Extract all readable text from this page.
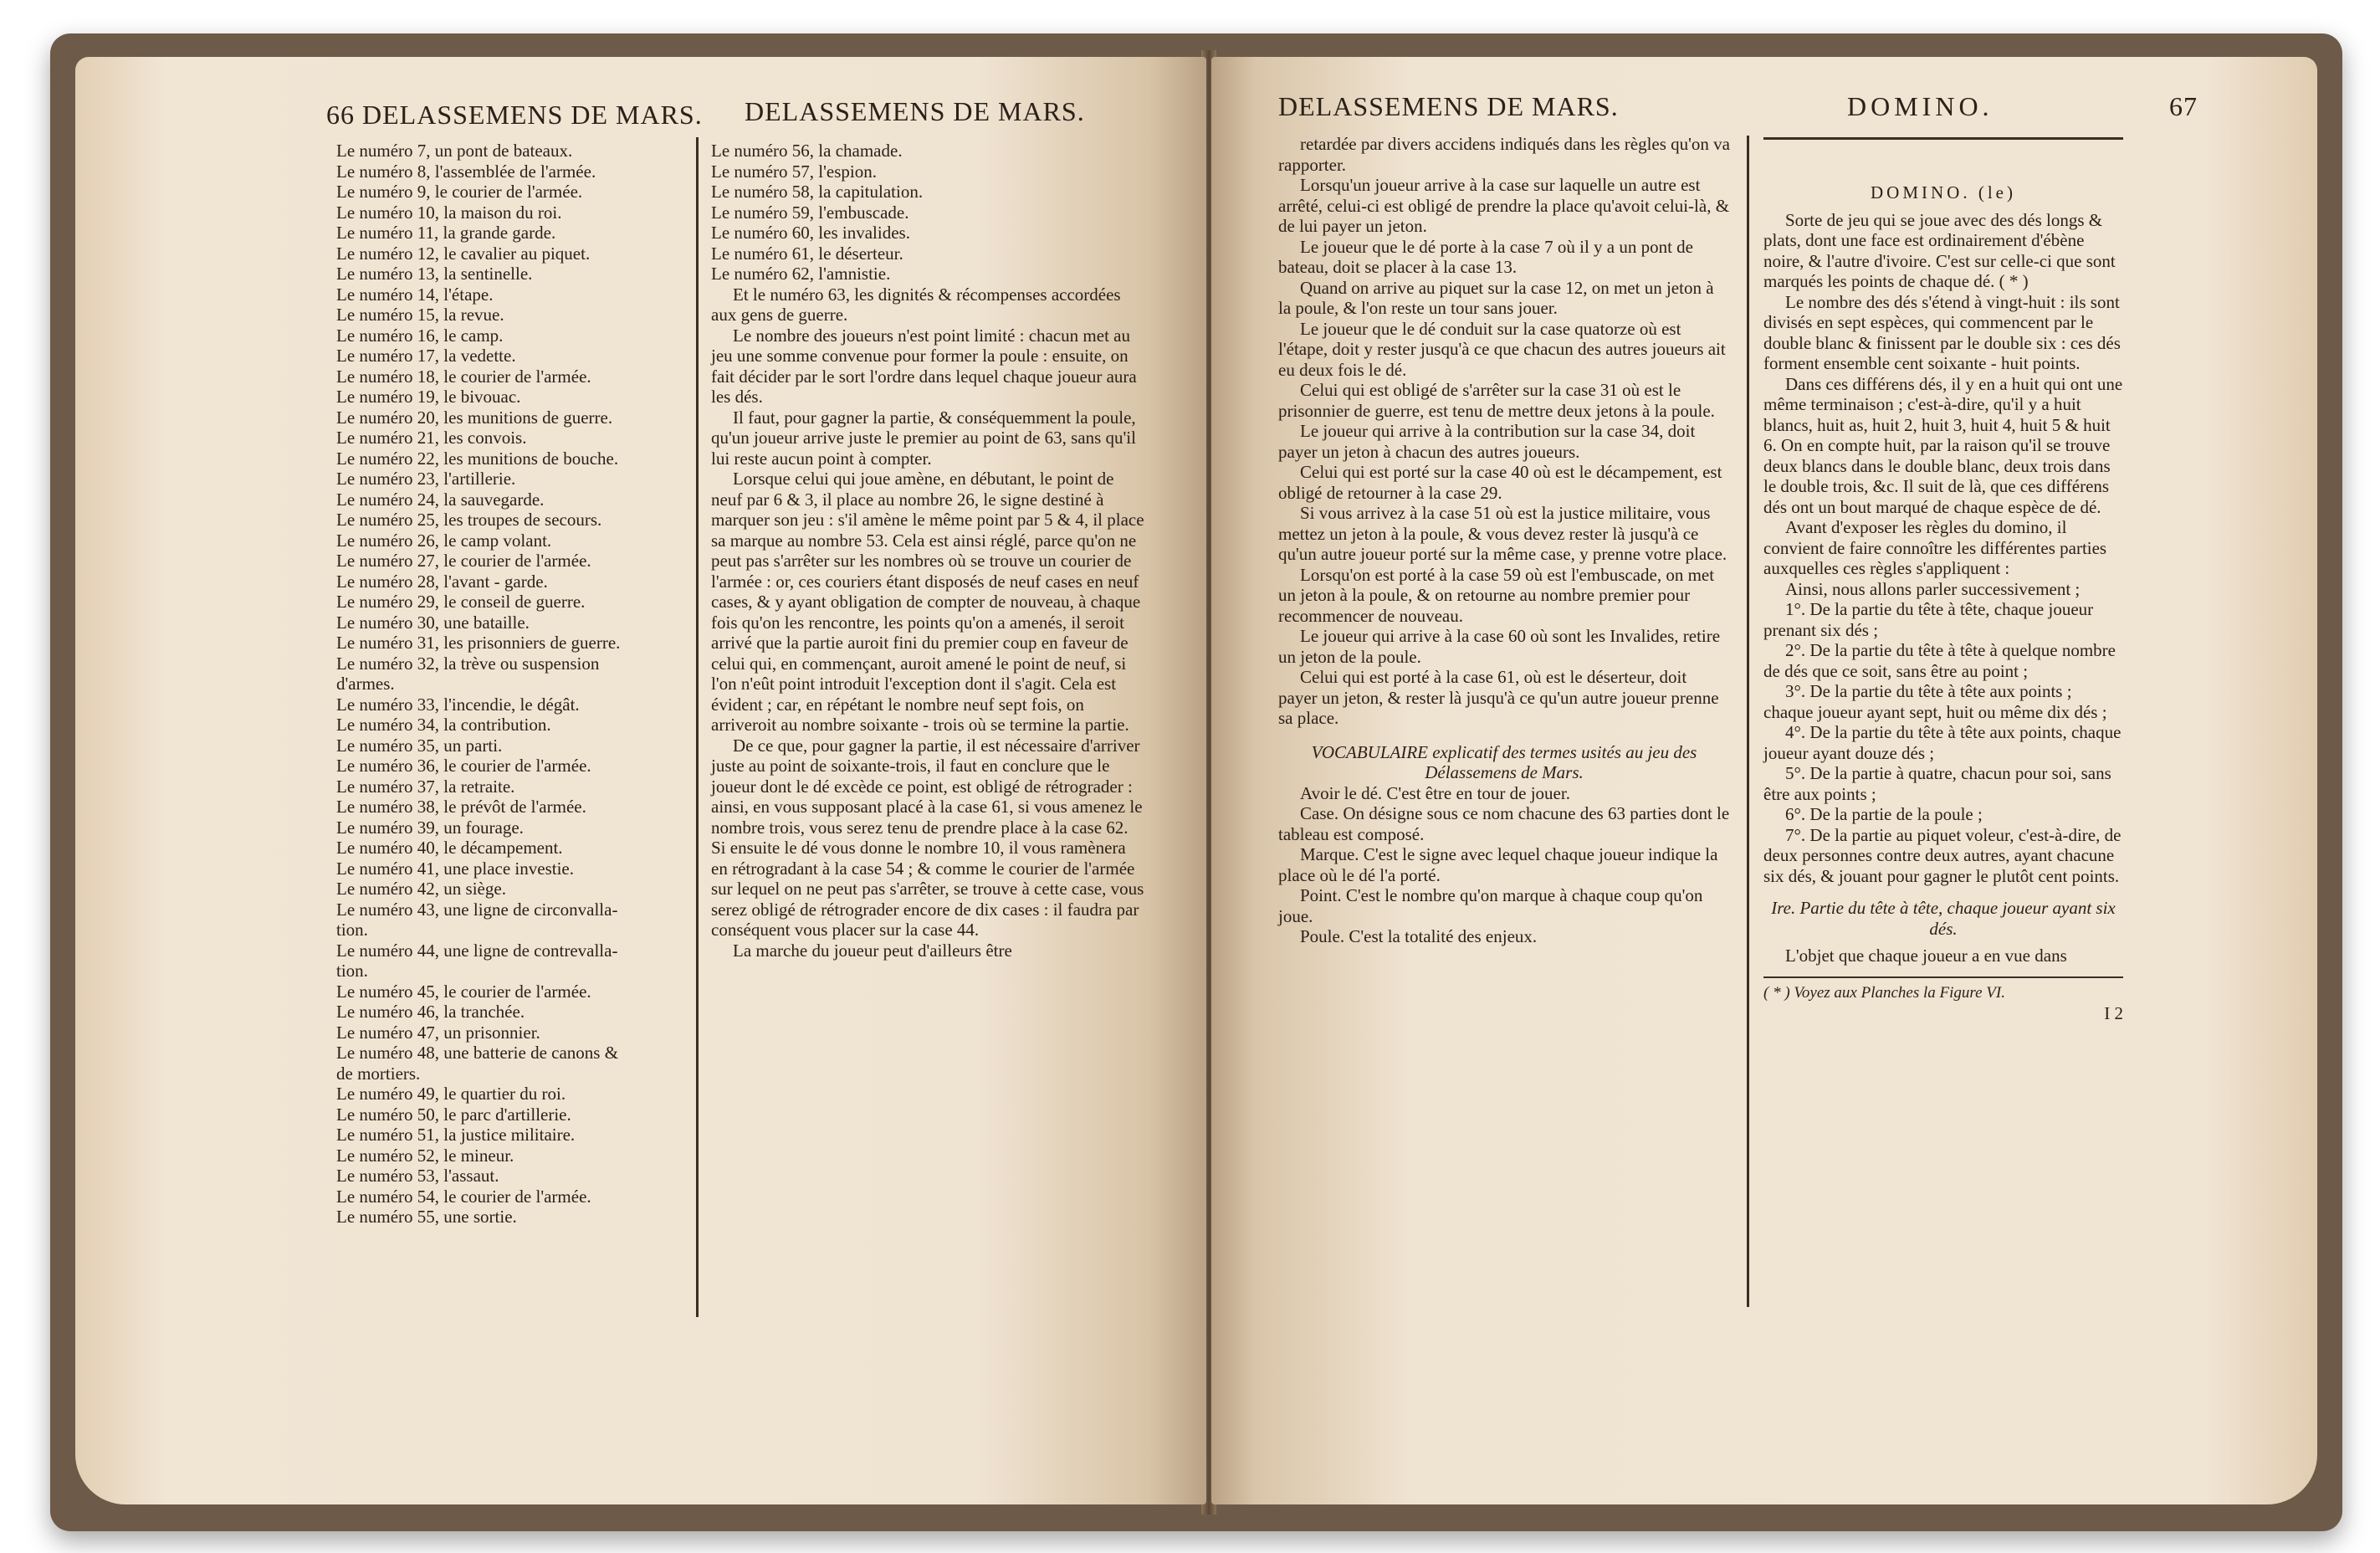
66 DELASSEMENS DE MARS.	DELASSEMENS DE MARS.

Le numéro 7, un pont de bateaux.

Le numéro 8, l'assemblée de l'armée.

Le numéro 9, le courier de l'armée.

Le numéro 10, la maison du roi.

Le numéro 11, la grande garde.

Le numéro 12, le cavalier au piquet.

Le numéro 13, la sentinelle.

Le numéro 14, l'étape.

Le numéro 15, la revue.

Le numéro 16, le camp.

Le numéro 17, la vedette.

Le numéro 18, le courier de l'armée.

Le numéro 19, le bivouac.

Le numéro 20, les munitions de guerre.

Le numéro 21, les convois.

Le numéro 22, les munitions de bouche.

Le numéro 23, l'artillerie.

Le numéro 24, la sauvegarde.

Le numéro 25, les troupes de secours.

Le numéro 26, le camp volant.

Le numéro 27, le courier de l'armée.

Le numéro 28, l'avant - garde.

Le numéro 29, le conseil de guerre.

Le numéro 30, une bataille.

Le numéro 31, les prisonniers de guerre.

Le numéro 32, la trève ou suspension

d'armes.

Le numéro 33, l'incendie, le dégât.

Le numéro 34, la contribution.

Le numéro 35, un parti.

Le numéro 36, le courier de l'armée.

Le numéro 37, la retraite.

Le numéro 38, le prévôt de l'armée.

Le numéro 39, un fourage.

Le numéro 40, le décampement.

Le numéro 41, une place investie.

Le numéro 42, un siège.

Le numéro 43, une ligne de circonvalla-

tion.

Le numéro 44, une ligne de contrevalla-

tion.

Le numéro 45, le courier de l'armée.

Le numéro 46, la tranchée.

Le numéro 47, un prisonnier.

Le numéro 48, une batterie de canons &

de mortiers.

Le numéro 49, le quartier du roi.

Le numéro 50, le parc d'artillerie.

Le numéro 51, la justice militaire.

Le numéro 52, le mineur.

Le numéro 53, l'assaut.

Le numéro 54, le courier de l'armée.

Le numéro 55, une sortie.

Le numéro 56, la chamade.

Le numéro 57, l'espion.

Le numéro 58, la capitulation.

Le numéro 59, l'embuscade.

Le numéro 60, les invalides.

Le numéro 61, le déserteur.

Le numéro 62, l'amnistie.

Et le numéro 63, les dignités & récompenses accordées aux gens de guerre.

Le nombre des joueurs n'est point limité : chacun met au jeu une somme convenue pour former la poule : ensuite, on fait décider par le sort l'ordre dans lequel chaque joueur aura les dés.

Il faut, pour gagner la partie, & conséquemment la poule, qu'un joueur arrive juste le premier au point de 63, sans qu'il lui reste aucun point à compter.

Lorsque celui qui joue amène, en débutant, le point de neuf par 6 & 3, il place au nombre 26, le signe destiné à marquer son jeu : s'il amène le même point par 5 & 4, il place sa marque au nombre 53. Cela est ainsi réglé, parce qu'on ne peut pas s'arrêter sur les nombres où se trouve un courier de l'armée : or, ces couriers étant disposés de neuf cases en neuf cases, & y ayant obligation de compter de nouveau, à chaque fois qu'on les rencontre, les points qu'on a amenés, il seroit arrivé que la partie auroit fini du premier coup en faveur de celui qui, en commençant, auroit amené le point de neuf, si l'on n'eût point introduit l'exception dont il s'agit. Cela est évident ; car, en répétant le nombre neuf sept fois, on arriveroit au nombre soixante - trois où se termine la partie.

De ce que, pour gagner la partie, il est nécessaire d'arriver juste au point de soixante-trois, il faut en conclure que le joueur dont le dé excède ce point, est obligé de rétrograder : ainsi, en vous supposant placé à la case 61, si vous amenez le nombre trois, vous serez tenu de prendre place à la case 62. Si ensuite le dé vous donne le nombre 10, il vous ramènera en rétrogradant à la case 54 ; & comme le courier de l'armée sur lequel on ne peut pas s'arrêter, se trouve à cette case, vous serez obligé de rétrograder encore de dix cases : il faudra par conséquent vous placer sur la case 44.

La marche du joueur peut d'ailleurs être

DELASSEMENS DE MARS.	DOMINO.	67

retardée par divers accidens indiqués dans les règles qu'on va rapporter.

Lorsqu'un joueur arrive à la case sur laquelle un autre est arrêté, celui-ci est obligé de prendre la place qu'avoit celui-là, & de lui payer un jeton.

Le joueur que le dé porte à la case 7 où il y a un pont de bateau, doit se placer à la case 13.

Quand on arrive au piquet sur la case 12, on met un jeton à la poule, & l'on reste un tour sans jouer.

Le joueur que le dé conduit sur la case quatorze où est l'étape, doit y rester jusqu'à ce que chacun des autres joueurs ait eu deux fois le dé.

Celui qui est obligé de s'arrêter sur la case 31 où est le prisonnier de guerre, est tenu de mettre deux jetons à la poule.

Le joueur qui arrive à la contribution sur la case 34, doit payer un jeton à chacun des autres joueurs.

Celui qui est porté sur la case 40 où est le décampement, est obligé de retourner à la case 29.

Si vous arrivez à la case 51 où est la justice militaire, vous mettez un jeton à la poule, & vous devez rester là jusqu'à ce qu'un autre joueur porté sur la même case, y prenne votre place.

Lorsqu'on est porté à la case 59 où est l'embuscade, on met un jeton à la poule, & on retourne au nombre premier pour recommencer de nouveau.

Le joueur qui arrive à la case 60 où sont les Invalides, retire un jeton de la poule.

Celui qui est porté à la case 61, où est le déserteur, doit payer un jeton, & rester là jusqu'à ce qu'un autre joueur prenne sa place.

VOCABULAIRE explicatif des termes usités au jeu des Délassemens de Mars.

Avoir le dé. C'est être en tour de jouer.

Case. On désigne sous ce nom chacune des 63 parties dont le tableau est composé.

Marque. C'est le signe avec lequel chaque joueur indique la place où le dé l'a porté.

Point. C'est le nombre qu'on marque à chaque coup qu'on joue.

Poule. C'est la totalité des enjeux.

DOMINO. (le)

Sorte de jeu qui se joue avec des dés longs & plats, dont une face est ordinairement d'ébène noire, & l'autre d'ivoire. C'est sur celle-ci que sont marqués les points de chaque dé. ( * )

Le nombre des dés s'étend à vingt-huit : ils sont divisés en sept espèces, qui commencent par le double blanc & finissent par le double six : ces dés forment ensemble cent soixante - huit points.

Dans ces différens dés, il y en a huit qui ont une même terminaison ; c'est-à-dire, qu'il y a huit blancs, huit as, huit 2, huit 3, huit 4, huit 5 & huit 6. On en compte huit, par la raison qu'il se trouve deux blancs dans le double blanc, deux trois dans le double trois, &c. Il suit de là, que ces différens dés ont un bout marqué de chaque espèce de dé.

Avant d'exposer les règles du domino, il convient de faire connoître les différentes parties auxquelles ces règles s'appliquent :

Ainsi, nous allons parler successivement ;

1°. De la partie du tête à tête, chaque joueur prenant six dés ;

2°. De la partie du tête à tête à quelque nombre de dés que ce soit, sans être au point ;

3°. De la partie du tête à tête aux points ; chaque joueur ayant sept, huit ou même dix dés ;

4°. De la partie du tête à tête aux points, chaque joueur ayant douze dés ;

5°. De la partie à quatre, chacun pour soi, sans être aux points ;

6°. De la partie de la poule ;

7°. De la partie au piquet voleur, c'est-à-dire, de deux personnes contre deux autres, ayant chacune six dés, & jouant pour gagner le plutôt cent points.

Ire. Partie du tête à tête, chaque joueur ayant six dés.

L'objet que chaque joueur a en vue dans

( * ) Voyez aux Planches la Figure VI.

I 2
